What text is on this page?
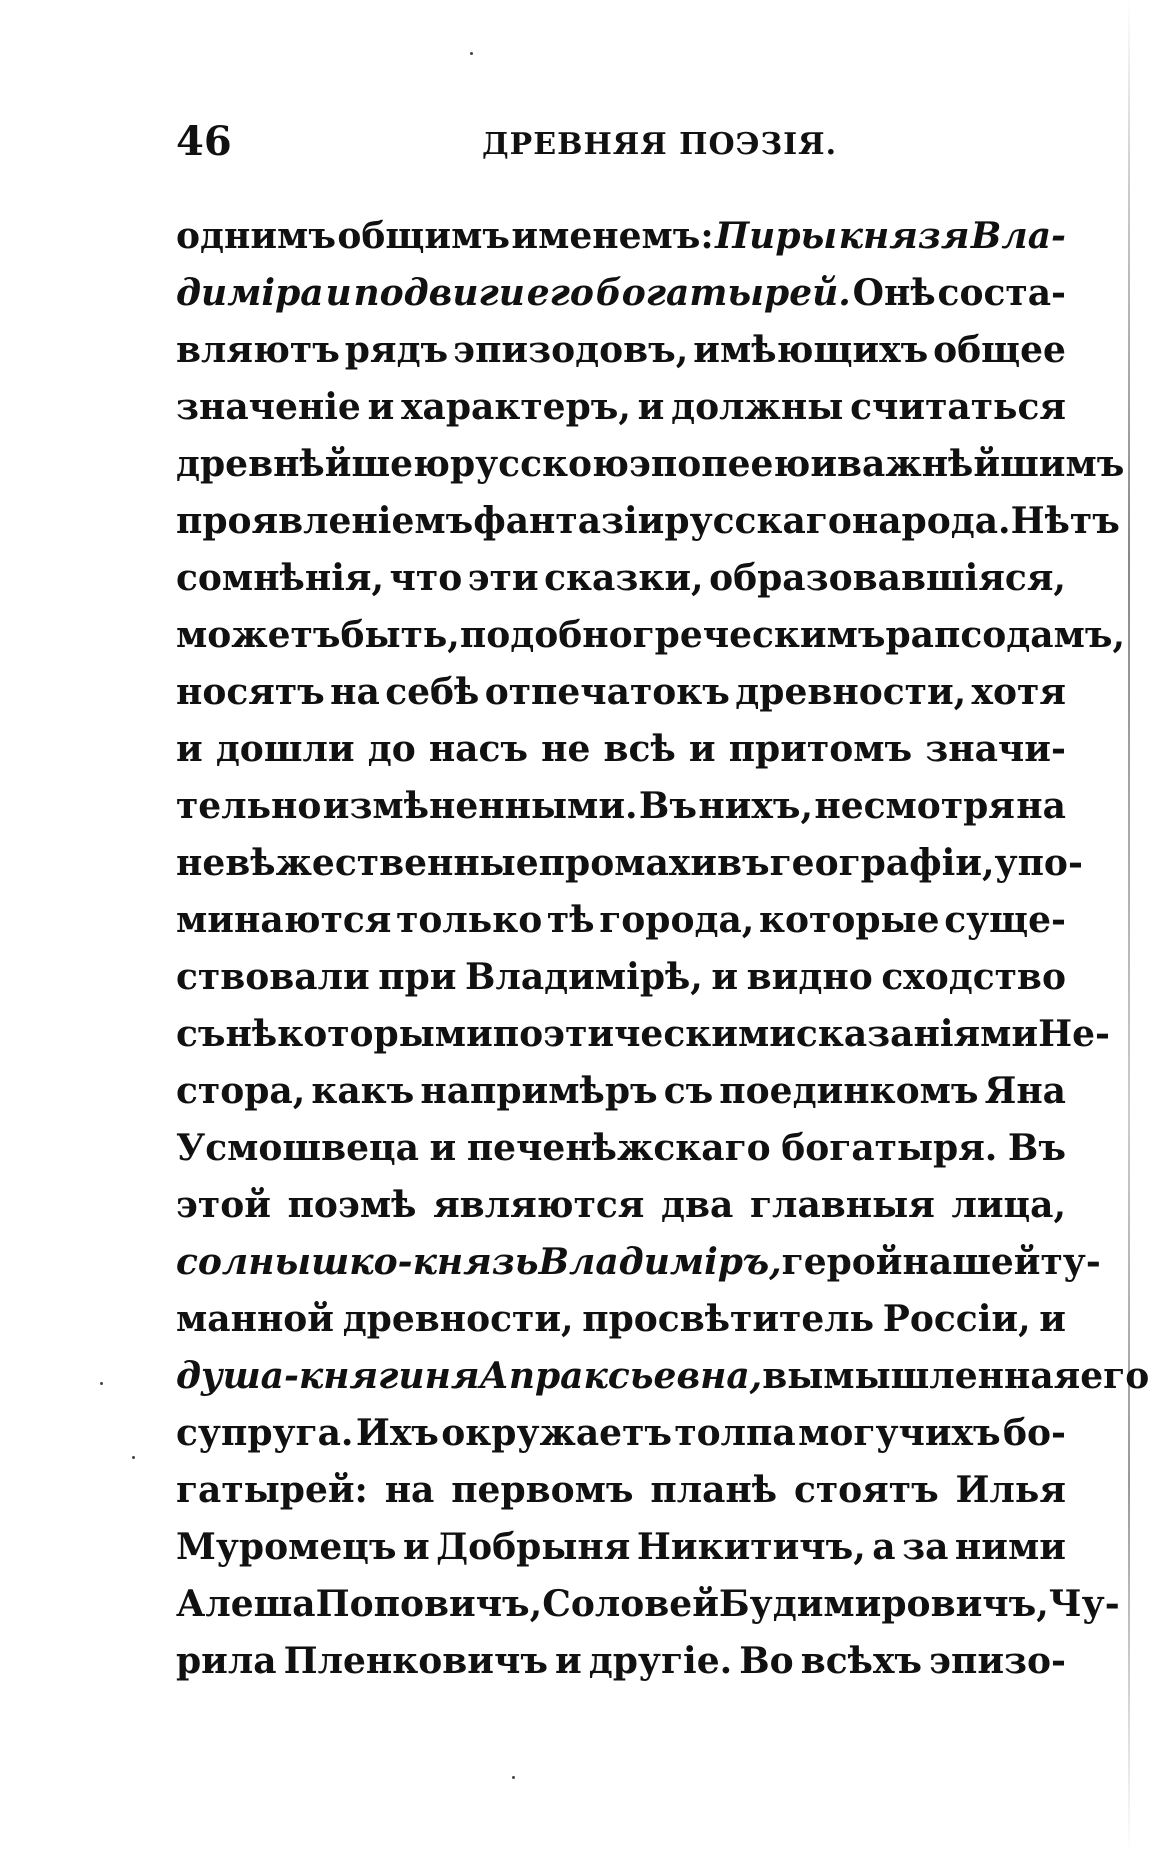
46	ДРЕВНЯЯ ПОЭЗІЯ.
однимъ общимъ именемъ: Пиры князя Вла-
диміра и подвиги его богатырей. Онѣ соста-
вляютъ рядъ эпизодовъ, имѣющихъ общее
значеніе и характеръ, и должны считаться
древнѣйшею русскою эпопеею и важнѣйшимъ
проявленіемъ фантазіи русскаго народа. Нѣтъ
сомнѣнія, что эти сказки, образовавшіяся,
можетъ быть, подобно греческимъ рапсодамъ,
носятъ на себѣ отпечатокъ древности, хотя
и дошли до насъ не всѣ и притомъ значи-
тельно измѣненными. Въ нихъ, несмотря на
невѣжественные промахи въ географіи, упо-
минаются только тѣ города, которые суще-
ствовали при Владимірѣ, и видно сходство
съ нѣкоторыми поэтическими сказаніями Не-
стора, какъ напримѣръ съ поединкомъ Яна
Усмошвеца и печенѣжскаго богатыря. Въ
этой поэмѣ являются два главныя лица,
солнышко-князь Владиміръ, герой нашей ту-
манной древности, просвѣтитель Россіи, и
душа-княгиня Апраксьевна, вымышленная его
супруга. Ихъ окружаетъ толпа могучихъ бо-
гатырей: на первомъ планѣ стоятъ Илья
Муромецъ и Добрыня Никитичъ, а за ними
Алеша Поповичъ, Соловей Будимировичъ, Чу-
рила Пленковичъ и другіе. Во всѣхъ эпизо-
